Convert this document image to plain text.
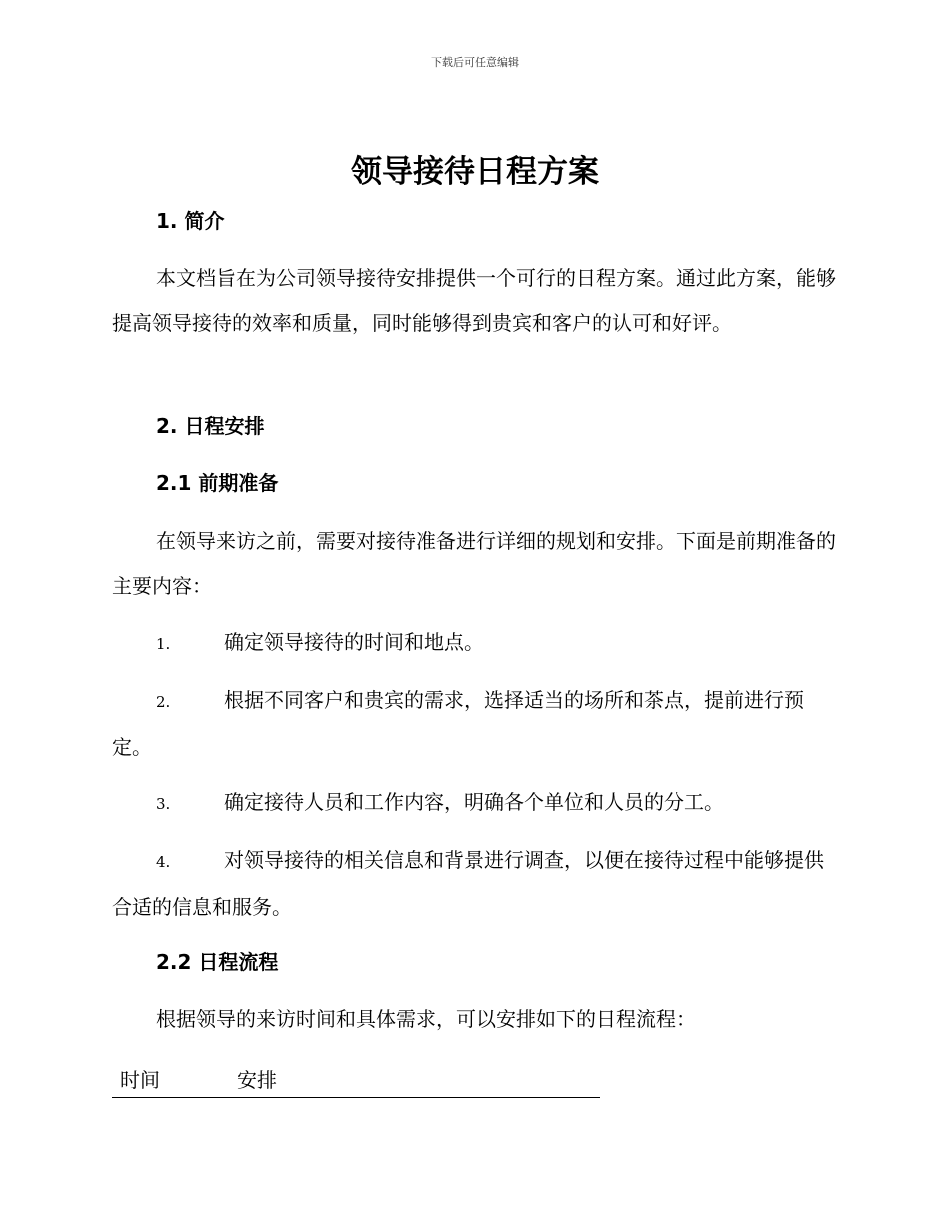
下载后可任意编辑
领导接待日程方案
1. 简介

本文档旨在为公司领导接待安排提供一个可行的日程方案。通过此方案，能够提高领导接待的效率和质量，同时能够得到贵宾和客户的认可和好评。

2. 日程安排
2.1 前期准备

在领导来访之前，需要对接待准备进行详细的规划和安排。下面是前期准备的主要内容：

1.	确定领导接待的时间和地点。

2.	根据不同客户和贵宾的需求，选择适当的场所和茶点，提前进行预定。

3.	确定接待人员和工作内容，明确各个单位和人员的分工。

4.	对领导接待的相关信息和背景进行调查，以便在接待过程中能够提供合适的信息和服务。

2.2 日程流程

根据领导的来访时间和具体需求，可以安排如下的日程流程：

时间	安排
